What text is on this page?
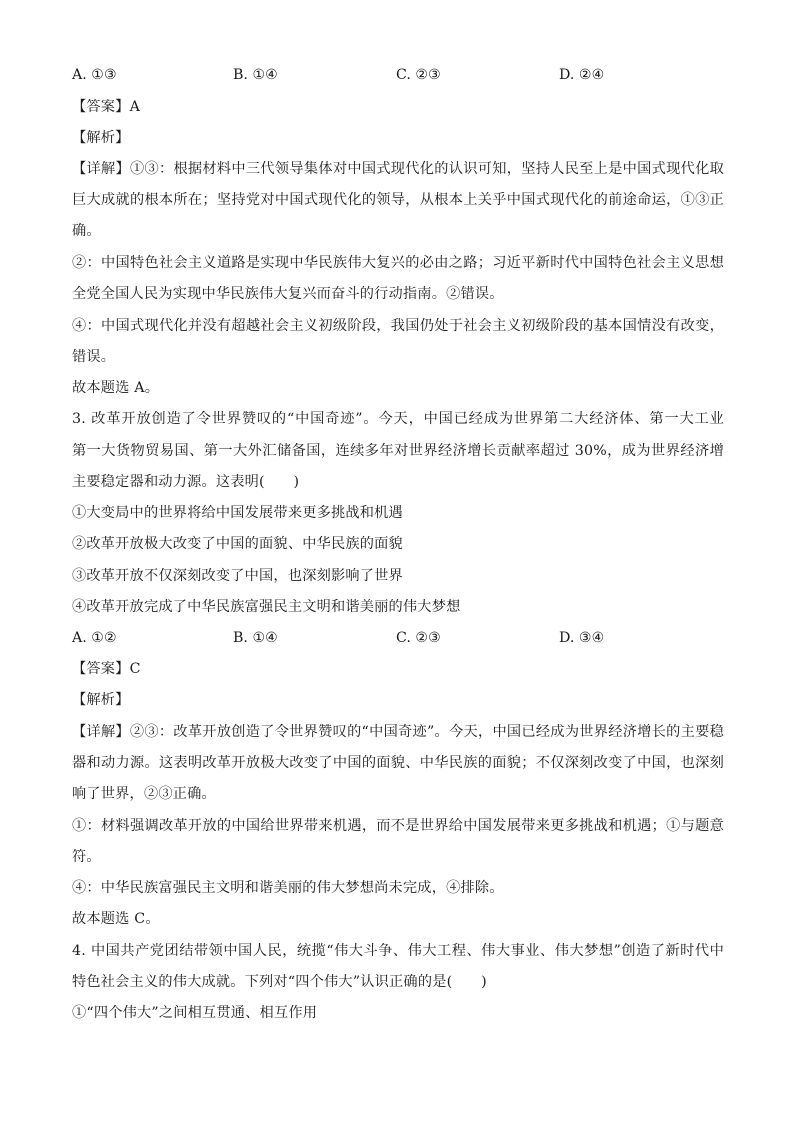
A. ①③	B. ①④	C. ②③	D. ②④
【答案】A
【解析】
【详解】①③：根据材料中三代领导集体对中国式现代化的认识可知，坚持人民至上是中国式现代化取
巨大成就的根本所在；坚持党对中国式现代化的领导，从根本上关乎中国式现代化的前途命运，①③正
确。
②：中国特色社会主义道路是实现中华民族伟大复兴的必由之路；习近平新时代中国特色社会主义思想
全党全国人民为实现中华民族伟大复兴而奋斗的行动指南。②错误。
④：中国式现代化并没有超越社会主义初级阶段，我国仍处于社会主义初级阶段的基本国情没有改变，
错误。
故本题选 A。
3. 改革开放创造了令世界赞叹的“中国奇迹”。今天，中国已经成为世界第二大经济体、第一大工业
第一大货物贸易国、第一大外汇储备国，连续多年对世界经济增长贡献率超过 30%，成为世界经济增
主要稳定器和动力源。这表明(　　)
①大变局中的世界将给中国发展带来更多挑战和机遇
②改革开放极大改变了中国的面貌、中华民族的面貌
③改革开放不仅深刻改变了中国，也深刻影响了世界
④改革开放完成了中华民族富强民主文明和谐美丽的伟大梦想
A. ①②	B. ①④	C. ②③	D. ③④
【答案】C
【解析】
【详解】②③：改革开放创造了令世界赞叹的“中国奇迹”。今天，中国已经成为世界经济增长的主要稳
器和动力源。这表明改革开放极大改变了中国的面貌、中华民族的面貌；不仅深刻改变了中国，也深刻
响了世界，②③正确。
①：材料强调改革开放的中国给世界带来机遇，而不是世界给中国发展带来更多挑战和机遇；①与题意
符。
④：中华民族富强民主文明和谐美丽的伟大梦想尚未完成，④排除。
故本题选 C。
4. 中国共产党团结带领中国人民，统揽“伟大斗争、伟大工程、伟大事业、伟大梦想”创造了新时代中
特色社会主义的伟大成就。下列对“四个伟大”认识正确的是(　　)
①“四个伟大”之间相互贯通、相互作用
